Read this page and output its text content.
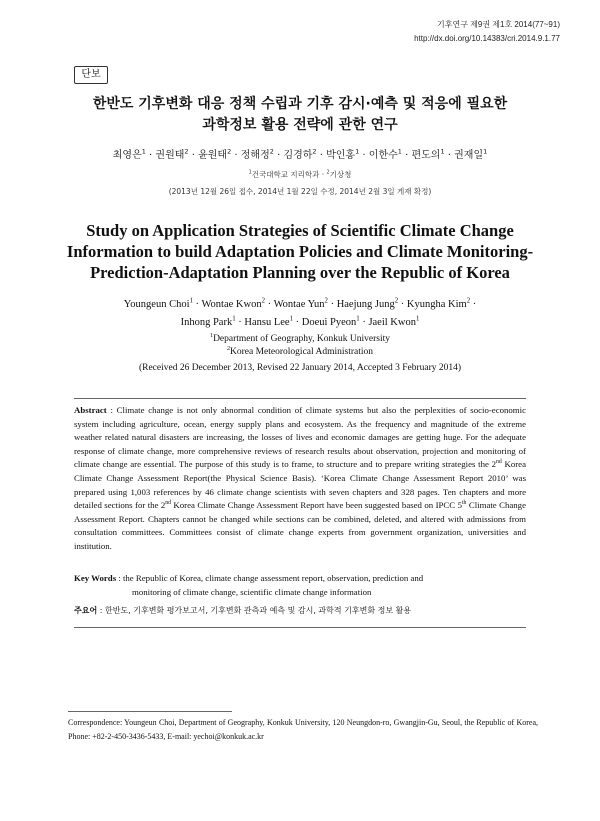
기후연구 제9권 제1호 2014(77~91)
http://dx.doi.org/10.14383/cri.2014.9.1.77
단보
한반도 기후변화 대응 정책 수립과 기후 감시·예측 및 적응에 필요한
과학정보 활용 전략에 관한 연구
최영은$^1$ · 권원태$^2$ · 윤원태$^2$ · 정해정$^2$ · 김경하$^2$ · 박인홍$^1$ · 이한수$^1$ · 편도의$^1$ · 권재일$^1$
$^1$건국대학교 지리학과 · $^2$기상청
(2013년 12월 26일 접수, 2014년 1월 22일 수정, 2014년 2월 3일 게재 확정)
Study on Application Strategies of Scientific Climate Change
Information to build Adaptation Policies and Climate Monitoring-
Prediction-Adaptation Planning over the Republic of Korea
Youngeun Choi$^1$ · Wontae Kwon$^2$ · Wontae Yun$^2$ · Haejung Jung$^2$ · Kyungha Kim$^2$ ·
Inhong Park$^1$ · Hansu Lee$^1$ · Doeui Pyeon$^1$ · Jaeil Kwon$^1$
$^1$Department of Geography, Konkuk University
$^2$Korea Meteorological Administration
(Received 26 December 2013, Revised 22 January 2014, Accepted 3 February 2014)
Abstract : Climate change is not only abnormal condition of climate systems but also the perplexities of socio-economic system including agriculture, ocean, energy supply plans and ecosystem. As the frequency and magnitude of the extreme weather related natural disasters are increasing, the losses of lives and economic damages are getting huge. For the adequate response of climate change, more comprehensive reviews of research results about observation, projection and monitoring of climate change are essential. The purpose of this study is to frame, to structure and to prepare writing strategies the 2nd Korea Climate Change Assessment Report(the Physical Science Basis). ‘Korea Climate Change Assessment Report 2010’ was prepared using 1,003 references by 46 climate change scientists with seven chapters and 328 pages. Ten chapters and more detailed sections for the 2nd Korea Climate Change Assessment Report have been suggested based on IPCC 5th Climate Change Assessment Report. Chapters cannot be changed while sections can be combined, deleted, and altered with admissions from consultation committees. Committees consist of climate change experts from government organization, universities and institution.
Key Words : the Republic of Korea, climate change assessment report, observation, prediction and
monitoring of climate change, scientific climate change information
주요어 : 한반도, 기후변화 평가보고서, 기후변화 관측과 예측 및 감시, 과학적 기후변화 정보 활용
Correspondence: Youngeun Choi, Department of Geography, Konkuk University, 120 Neungdon-ro, Gwangjin-Gu, Seoul, the Republic of Korea, Phone: +82-2-450-3436-5433, E-mail: yechoi@konkuk.ac.kr
